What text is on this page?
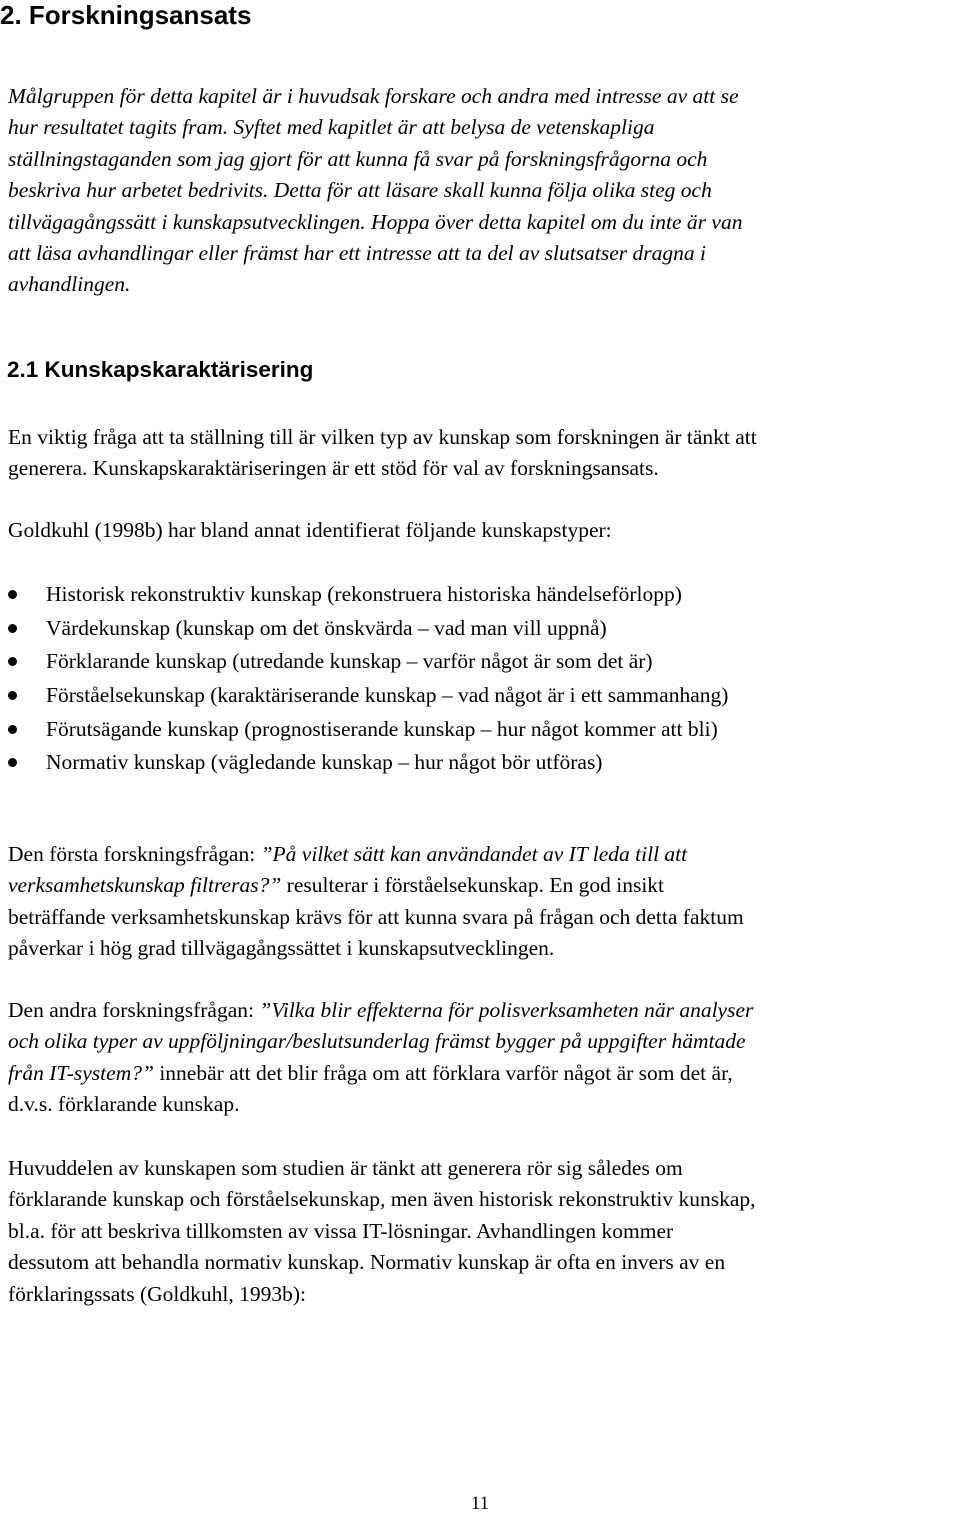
2. Forskningsansats
Målgruppen för detta kapitel är i huvudsak forskare och andra med intresse av att se
hur resultatet tagits fram. Syftet med kapitlet är att belysa de vetenskapliga
ställningstaganden som jag gjort för att kunna få svar på forskningsfrågorna och
beskriva hur arbetet bedrivits. Detta för att läsare skall kunna följa olika steg och
tillvägagångssätt i kunskapsutvecklingen. Hoppa över detta kapitel om du inte är van
att läsa avhandlingar eller främst har ett intresse att ta del av slutsatser dragna i
avhandlingen.
2.1 Kunskapskaraktärisering
En viktig fråga att ta ställning till är vilken typ av kunskap som forskningen är tänkt att
generera. Kunskapskaraktäriseringen är ett stöd för val av forskningsansats.
Goldkuhl (1998b) har bland annat identifierat följande kunskapstyper:
Historisk rekonstruktiv kunskap (rekonstruera historiska händelseförlopp)
Värdekunskap (kunskap om det önskvärda – vad man vill uppnå)
Förklarande kunskap (utredande kunskap – varför något är som det är)
Förståelsekunskap (karaktäriserande kunskap – vad något är i ett sammanhang)
Förutsägande kunskap (prognostiserande kunskap – hur något kommer att bli)
Normativ kunskap (vägledande kunskap – hur något bör utföras)
Den första forskningsfrågan: ”På vilket sätt kan användandet av IT leda till att
verksamhetskunskap filtreras?” resulterar i förståelsekunskap. En god insikt
beträffande verksamhetskunskap krävs för att kunna svara på frågan och detta faktum
påverkar i hög grad tillvägagångssättet i kunskapsutvecklingen.
Den andra forskningsfrågan: ”Vilka blir effekterna för polisverksamheten när analyser
och olika typer av uppföljningar/beslutsunderlag främst bygger på uppgifter hämtade
från IT-system?” innebär att det blir fråga om att förklara varför något är som det är,
d.v.s. förklarande kunskap.
Huvuddelen av kunskapen som studien är tänkt att generera rör sig således om
förklarande kunskap och förståelsekunskap, men även historisk rekonstruktiv kunskap,
bl.a. för att beskriva tillkomsten av vissa IT-lösningar. Avhandlingen kommer
dessutom att behandla normativ kunskap. Normativ kunskap är ofta en invers av en
förklaringssats (Goldkuhl, 1993b):
11
